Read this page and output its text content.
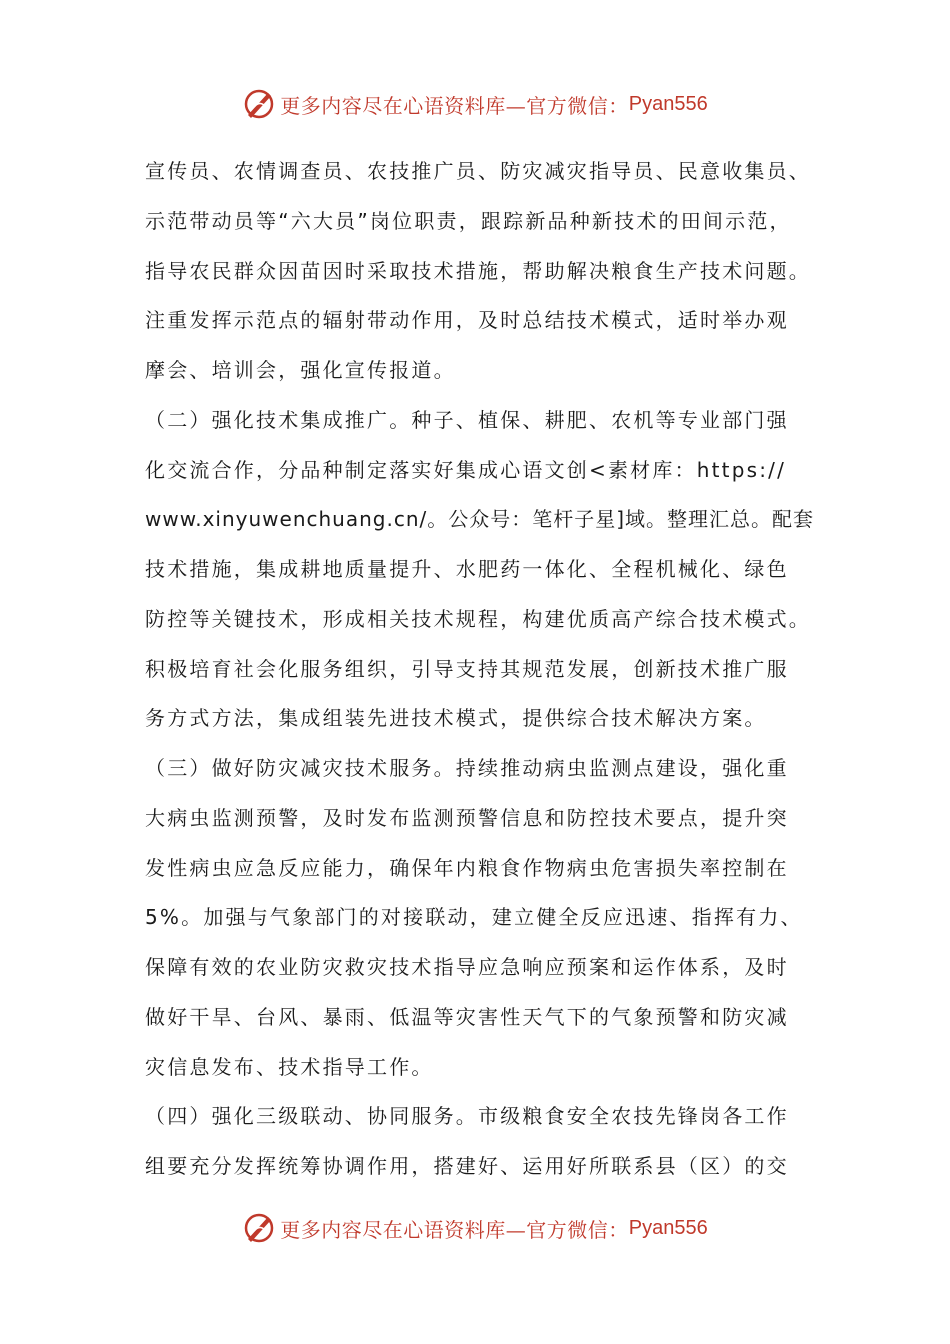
更多内容尽在心语资料库—官方微信： Pyan556
宣传员、农情调查员、农技推广员、防灾减灾指导员、民意收集员、
示范带动员等“六大员”岗位职责，跟踪新品种新技术的田间示范，
指导农民群众因苗因时采取技术措施，帮助解决粮食生产技术问题。
注重发挥示范点的辐射带动作用，及时总结技术模式，适时举办观
摩会、培训会，强化宣传报道。
（二）强化技术集成推广。种子、植保、耕肥、农机等专业部门强
化交流合作，分品种制定落实好集成心语文创<素材库：https://
www.xinyuwenchuang.cn/。公众号：笔杆子星]域。整理汇总。配套
技术措施，集成耕地质量提升、水肥药一体化、全程机械化、绿色
防控等关键技术，形成相关技术规程，构建优质高产综合技术模式。
积极培育社会化服务组织，引导支持其规范发展，创新技术推广服
务方式方法，集成组装先进技术模式，提供综合技术解决方案。
（三）做好防灾减灾技术服务。持续推动病虫监测点建设，强化重
大病虫监测预警，及时发布监测预警信息和防控技术要点，提升突
发性病虫应急反应能力，确保年内粮食作物病虫危害损失率控制在
5%。加强与气象部门的对接联动，建立健全反应迅速、指挥有力、
保障有效的农业防灾救灾技术指导应急响应预案和运作体系，及时
做好干旱、台风、暴雨、低温等灾害性天气下的气象预警和防灾减
灾信息发布、技术指导工作。
（四）强化三级联动、协同服务。市级粮食安全农技先锋岗各工作
组要充分发挥统筹协调作用，搭建好、运用好所联系县（区）的交
更多内容尽在心语资料库—官方微信： Pyan556
